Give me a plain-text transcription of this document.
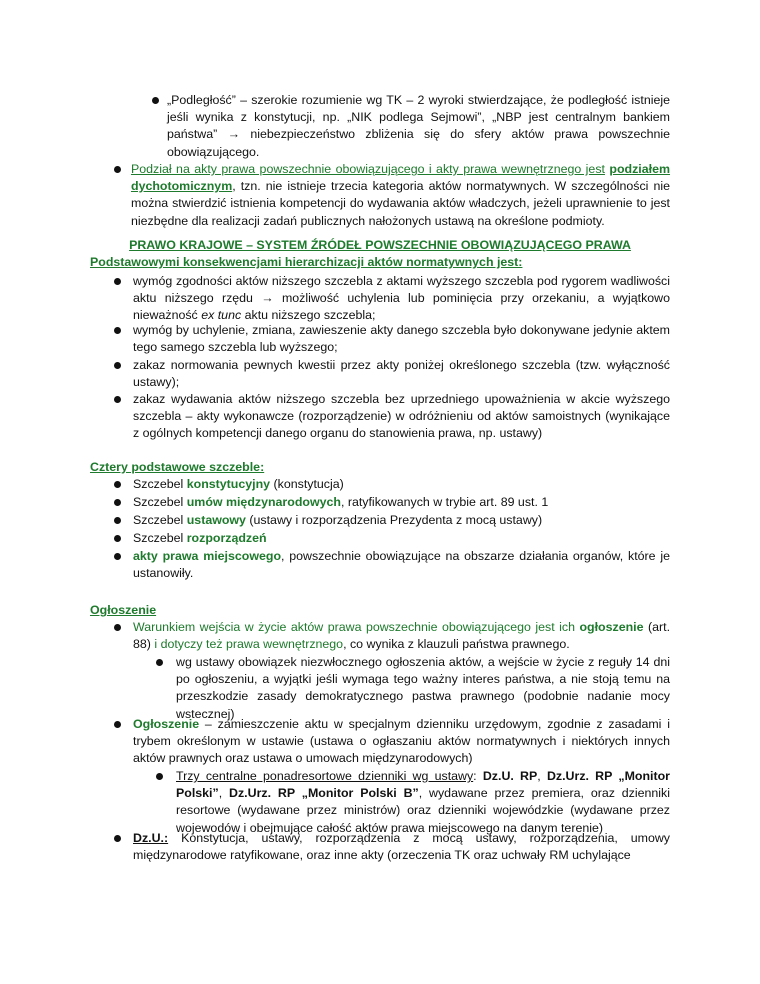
„Podległość” – szerokie rozumienie wg TK – 2 wyroki stwierdzające, że podległość istnieje jeśli wynika z konstytucji, np. „NIK podlega Sejmowi”, „NBP jest centralnym bankiem państwa” → niebezpieczeństwo zbliżenia się do sfery aktów prawa powszechnie obowiązującego.
Podział na akty prawa powszechnie obowiązującego i akty prawa wewnętrznego jest podziałem dychotomicznym, tzn. nie istnieje trzecia kategoria aktów normatywnych. W szczególności nie można stwierdzić istnienia kompetencji do wydawania aktów władczych, jeżeli uprawnienie to jest niezbędne dla realizacji zadań publicznych nałożonych ustawą na określone podmioty.
PRAWO KRAJOWE – SYSTEM ŹRÓDEŁ POWSZECHNIE OBOWIĄZUJĄCEGO PRAWA
Podstawowymi konsekwencjami hierarchizacji aktów normatywnych jest:
wymóg zgodności aktów niższego szczebla z aktami wyższego szczebla pod rygorem wadliwości aktu niższego rzędu → możliwość uchylenia lub pominięcia przy orzekaniu, a wyjątkowo nieważność ex tunc aktu niższego szczebla;
wymóg by uchylenie, zmiana, zawieszenie akty danego szczebla było dokonywane jedynie aktem tego samego szczebla lub wyższego;
zakaz normowania pewnych kwestii przez akty poniżej określonego szczebla (tzw. wyłączność ustawy);
zakaz wydawania aktów niższego szczebla bez uprzedniego upoważnienia w akcie wyższego szczebla – akty wykonawcze (rozporządzenie) w odróżnieniu od aktów samoistnych (wynikające z ogólnych kompetencji danego organu do stanowienia prawa, np. ustawy)
Cztery podstawowe szczeble:
Szczebel konstytucyjny (konstytucja)
Szczebel umów międzynarodowych, ratyfikowanych w trybie art. 89 ust. 1
Szczebel ustawowy (ustawy i rozporządzenia Prezydenta z mocą ustawy)
Szczebel rozporządzeń
akty prawa miejscowego, powszechnie obowiązujące na obszarze działania organów, które je ustanowiły.
Ogłoszenie
Warunkiem wejścia w życie aktów prawa powszechnie obowiązującego jest ich ogłoszenie (art. 88) i dotyczy też prawa wewnętrznego, co wynika z klauzuli państwa prawnego.
wg ustawy obowiązek niezwłocznego ogłoszenia aktów, a wejście w życie z reguły 14 dni po ogłoszeniu, a wyjątki jeśli wymaga tego ważny interes państwa, a nie stoją temu na przeszkodzie zasady demokratycznego pastwa prawnego (podobnie nadanie mocy wstecznej)
Ogłoszenie – zamieszczenie aktu w specjalnym dzienniku urzędowym, zgodnie z zasadami i trybem określonym w ustawie (ustawa o ogłaszaniu aktów normatywnych i niektórych innych aktów prawnych oraz ustawa o umowach międzynarodowych)
Trzy centralne ponadresortowe dzienniki wg ustawy: Dz.U. RP, Dz.Urz. RP „Monitor Polski”, Dz.Urz. RP „Monitor Polski B”, wydawane przez premiera, oraz dzienniki resortowe (wydawane przez ministrów) oraz dzienniki wojewódzkie (wydawane przez wojewodów i obejmujące całość aktów prawa miejscowego na danym terenie)
Dz.U.: Konstytucja, ustawy, rozporządzenia z mocą ustawy, rozporządzenia, umowy międzynarodowe ratyfikowane, oraz inne akty (orzeczenia TK oraz uchwały RM uchylające
